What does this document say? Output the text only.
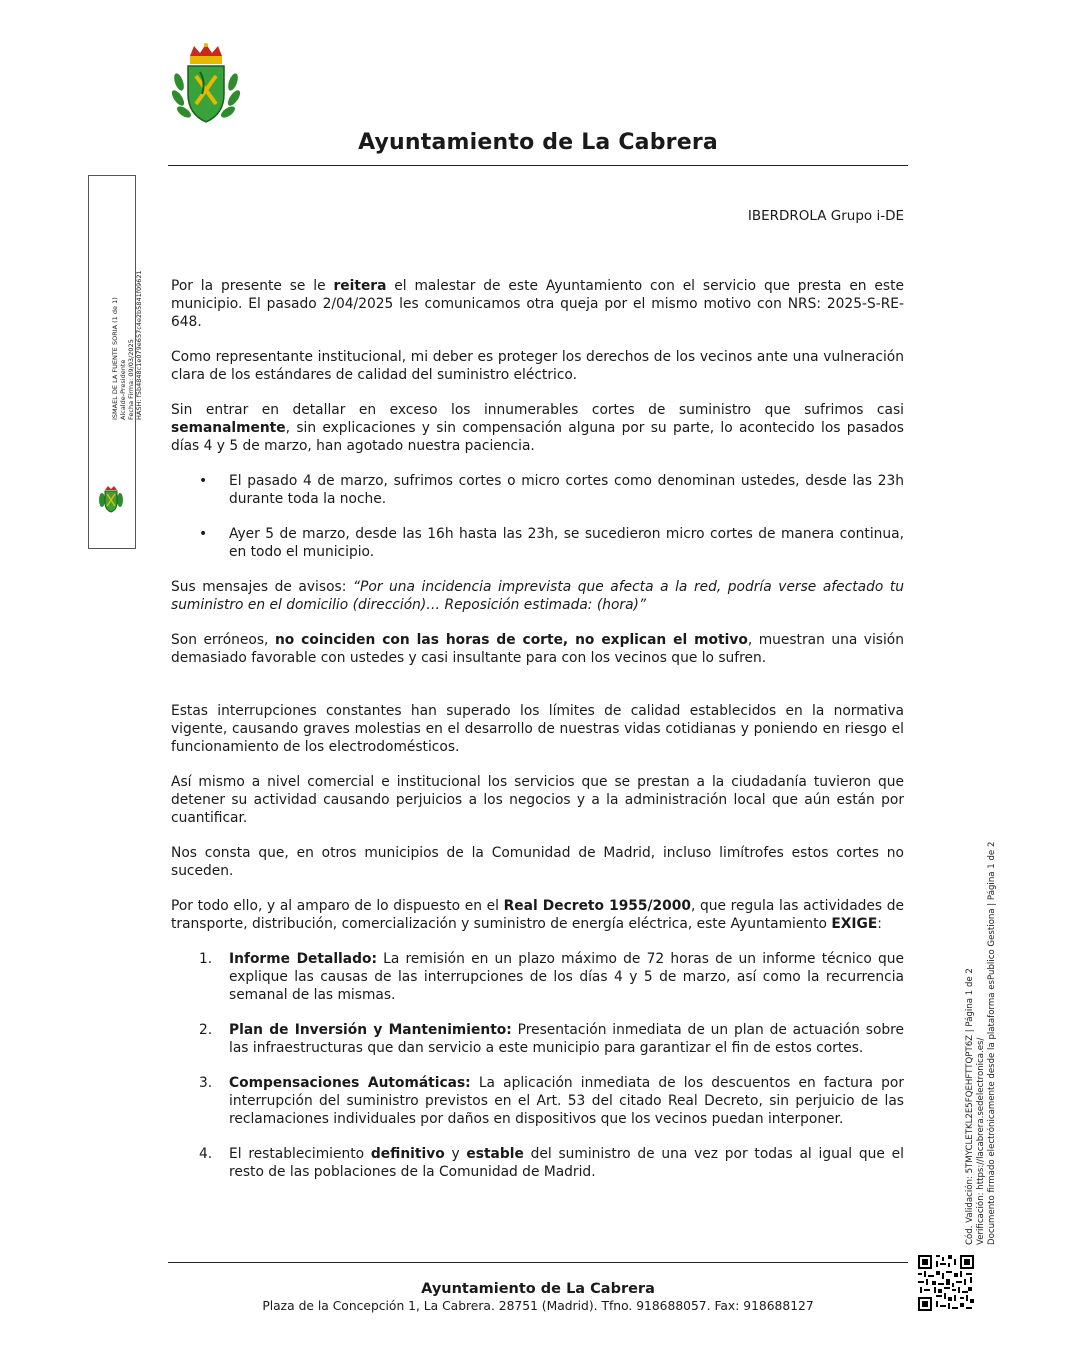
Ayuntamiento de La Cabrera
ISMAEL DE LA FUENTE SORIA (1 de 1) Alcalde-Presidente Fecha Firma: 09/03/2025 HASH: f5b4848c1e079e657c4e2b5841f09621
IBERDROLA Grupo i-DE

Por la presente se le reitera el malestar de este Ayuntamiento con el servicio que presta en este municipio. El pasado 2/04/2025 les comunicamos otra queja por el mismo motivo con NRS: 2025-S-RE-648.

Como representante institucional, mi deber es proteger los derechos de los vecinos ante una vulneración clara de los estándares de calidad del suministro eléctrico.

Sin entrar en detallar en exceso los innumerables cortes de suministro que sufrimos casi semanalmente, sin explicaciones y sin compensación alguna por su parte, lo acontecido los pasados días 4 y 5 de marzo, han agotado nuestra paciencia.

• El pasado 4 de marzo, sufrimos cortes o micro cortes como denominan ustedes, desde las 23h durante toda la noche.
• Ayer 5 de marzo, desde las 16h hasta las 23h, se sucedieron micro cortes de manera continua, en todo el municipio.

Sus mensajes de avisos: “Por una incidencia imprevista que afecta a la red, podría verse afectado tu suministro en el domicilio (dirección)… Reposición estimada: (hora)”

Son erróneos, no coinciden con las horas de corte, no explican el motivo, muestran una visión demasiado favorable con ustedes y casi insultante para con los vecinos que lo sufren.

Estas interrupciones constantes han superado los límites de calidad establecidos en la normativa vigente, causando graves molestias en el desarrollo de nuestras vidas cotidianas y poniendo en riesgo el funcionamiento de los electrodomésticos.

Así mismo a nivel comercial e institucional los servicios que se prestan a la ciudadanía tuvieron que detener su actividad causando perjuicios a los negocios y a la administración local que aún están por cuantificar.

Nos consta que, en otros municipios de la Comunidad de Madrid, incluso limítrofes estos cortes no suceden.

Por todo ello, y al amparo de lo dispuesto en el Real Decreto 1955/2000, que regula las actividades de transporte, distribución, comercialización y suministro de energía eléctrica, este Ayuntamiento EXIGE:

1. Informe Detallado: La remisión en un plazo máximo de 72 horas de un informe técnico que explique las causas de las interrupciones de los días 4 y 5 de marzo, así como la recurrencia semanal de las mismas.
2. Plan de Inversión y Mantenimiento: Presentación inmediata de un plan de actuación sobre las infraestructuras que dan servicio a este municipio para garantizar el fin de estos cortes.
3. Compensaciones Automáticas: La aplicación inmediata de los descuentos en factura por interrupción del suministro previstos en el Art. 53 del citado Real Decreto, sin perjuicio de las reclamaciones individuales por daños en dispositivos que los vecinos puedan interponer.
4. El restablecimiento definitivo y estable del suministro de una vez por todas al igual que el resto de las poblaciones de la Comunidad de Madrid.	Cód. Validación: 5TMYCLETKL2E5FQEHFTTQPT6Z | Página 1 de 2 Verificación: https://lacabrera.sedelectronica.es/ Documento firmado electrónicamente desde la plataforma esPublico Gestiona | Página 1 de 2
Ayuntamiento de La Cabrera
Plaza de la Concepción 1, La Cabrera. 28751 (Madrid). Tfno. 918688057. Fax: 918688127
